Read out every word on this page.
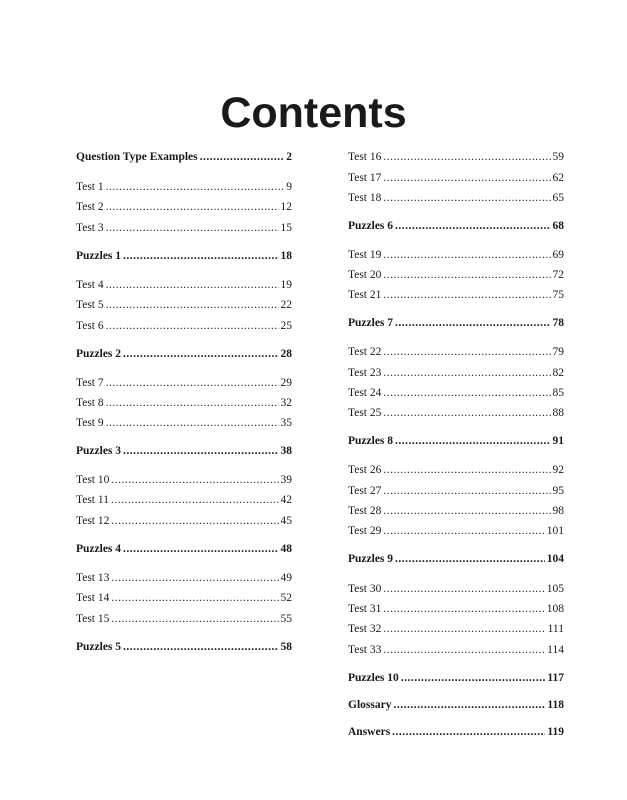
Contents
Question Type Examples .....	2
Test 1 .....	9
Test 2 .....	12
Test 3 .....	15
Puzzles 1 .....	18
Test 4 .....	19
Test 5 .....	22
Test 6 .....	25
Puzzles 2 .....	28
Test 7 .....	29
Test 8 .....	32
Test 9 .....	35
Puzzles 3 .....	38
Test 10 .....	39
Test 11 .....	42
Test 12 .....	45
Puzzles 4 .....	48
Test 13 .....	49
Test 14 .....	52
Test 15 .....	55
Puzzles 5 .....	58
Test 16 .....	59
Test 17 .....	62
Test 18 .....	65
Puzzles 6 .....	68
Test 19 .....	69
Test 20 .....	72
Test 21 .....	75
Puzzles 7 .....	78
Test 22 .....	79
Test 23 .....	82
Test 24 .....	85
Test 25 .....	88
Puzzles 8 .....	91
Test 26 .....	92
Test 27 .....	95
Test 28 .....	98
Test 29 .....	101
Puzzles 9 .....	104
Test 30 .....	105
Test 31 .....	108
Test 32 .....	111
Test 33 .....	114
Puzzles 10 .....	117
Glossary .....	118
Answers .....	119
